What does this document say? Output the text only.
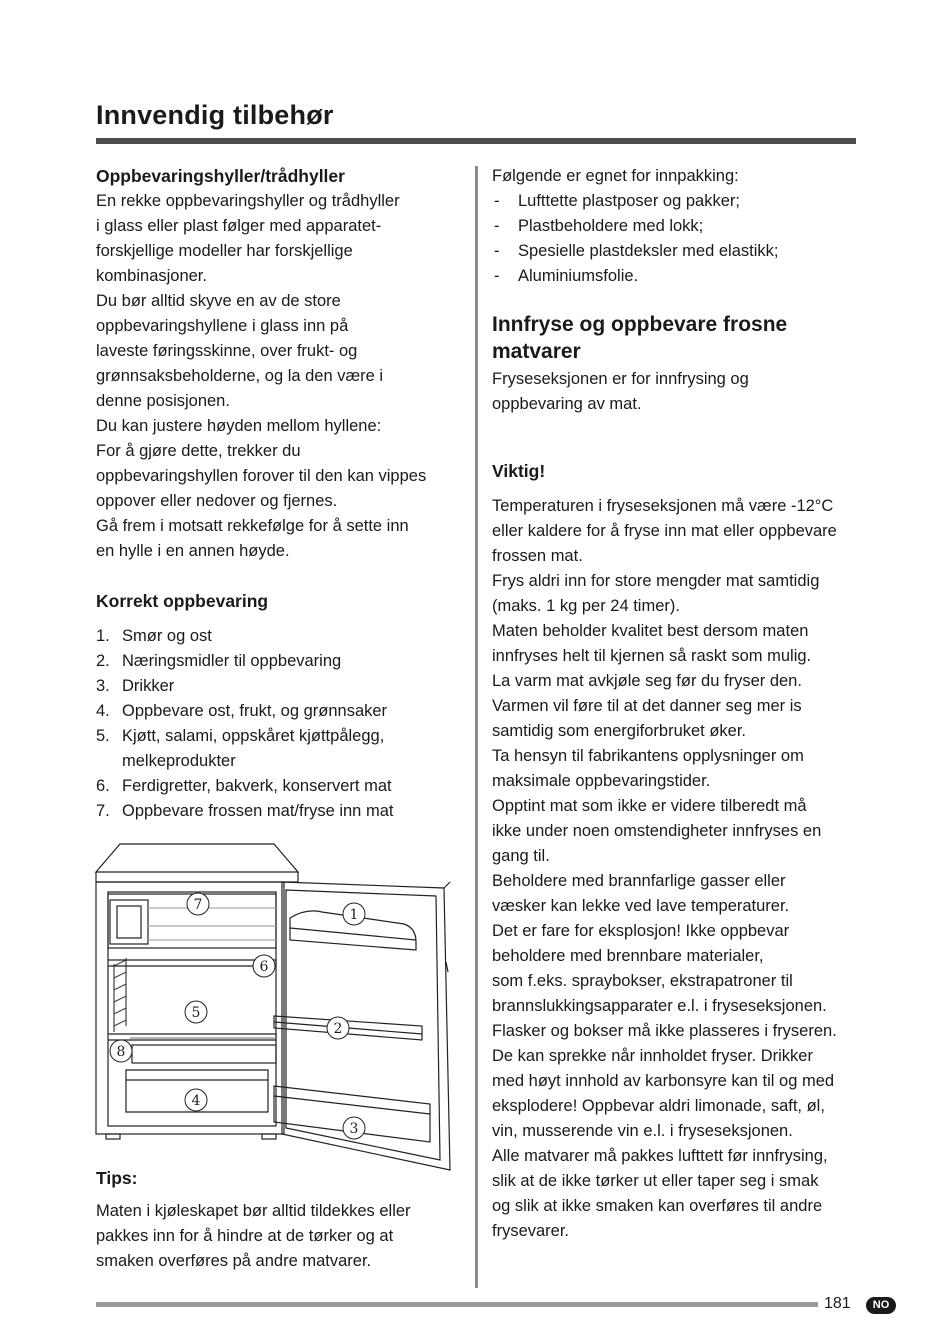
Innvendig tilbehør
Oppbevaringshyller/trådhyller
En rekke oppbevaringshyller og trådhyller
i glass eller plast følger med apparatet-
forskjellige modeller har forskjellige
kombinasjoner.
Du bør alltid skyve en av de store
oppbevaringshyllene i glass inn på
laveste føringsskinne, over frukt- og
grønnsaksbeholderne, og la den være i
denne posisjonen.
Du kan justere høyden mellom hyllene:
For å gjøre dette, trekker du
oppbevaringshyllen forover til den kan vippes
oppover eller nedover og fjernes.
Gå frem i motsatt rekkefølge for å sette inn
en hylle i en annen høyde.
Korrekt oppbevaring
1. Smør og ost
2. Næringsmidler til oppbevaring
3. Drikker
4. Oppbevare ost, frukt, og grønnsaker
5. Kjøtt, salami, oppskåret kjøttpålegg,
melkeprodukter
6. Ferdigretter, bakverk, konservert mat
7. Oppbevare frossen mat/fryse inn mat
7
1
6
5
2
8
4
3
Tips:
Maten i kjøleskapet bør alltid tildekkes eller
pakkes inn for å hindre at de tørker og at
smaken overføres på andre matvarer.
Følgende er egnet for innpakking:
- Lufttette plastposer og pakker;
- Plastbeholdere med lokk;
- Spesielle plastdeksler med elastikk;
- Aluminiumsfolie.
Innfryse og oppbevare frosne
matvarer
Fryseseksjonen er for innfrysing og
oppbevaring av mat.
Viktig!
Temperaturen i fryseseksjonen må være -12°C
eller kaldere for å fryse inn mat eller oppbevare
frossen mat.
Frys aldri inn for store mengder mat samtidig
(maks. 1 kg per 24 timer).
Maten beholder kvalitet best dersom maten
innfryses helt til kjernen så raskt som mulig.
La varm mat avkjøle seg før du fryser den.
Varmen vil føre til at det danner seg mer is
samtidig som energiforbruket øker.
Ta hensyn til fabrikantens opplysninger om
maksimale oppbevaringstider.
Opptint mat som ikke er videre tilberedt må
ikke under noen omstendigheter innfryses en
gang til.
Beholdere med brannfarlige gasser eller
væsker kan lekke ved lave temperaturer.
Det er fare for eksplosjon! Ikke oppbevar
beholdere med brennbare materialer,
som f.eks. spraybokser, ekstrapatroner til
brannslukkingsapparater e.l. i fryseseksjonen.
Flasker og bokser må ikke plasseres i fryseren.
De kan sprekke når innholdet fryser. Drikker
med høyt innhold av karbonsyre kan til og med
eksplodere! Oppbevar aldri limonade, saft, øl,
vin, musserende vin e.l. i fryseseksjonen.
Alle matvarer må pakkes lufttett før innfrysing,
slik at de ikke tørker ut eller taper seg i smak
og slik at ikke smaken kan overføres til andre
frysevarer.
181	NO
